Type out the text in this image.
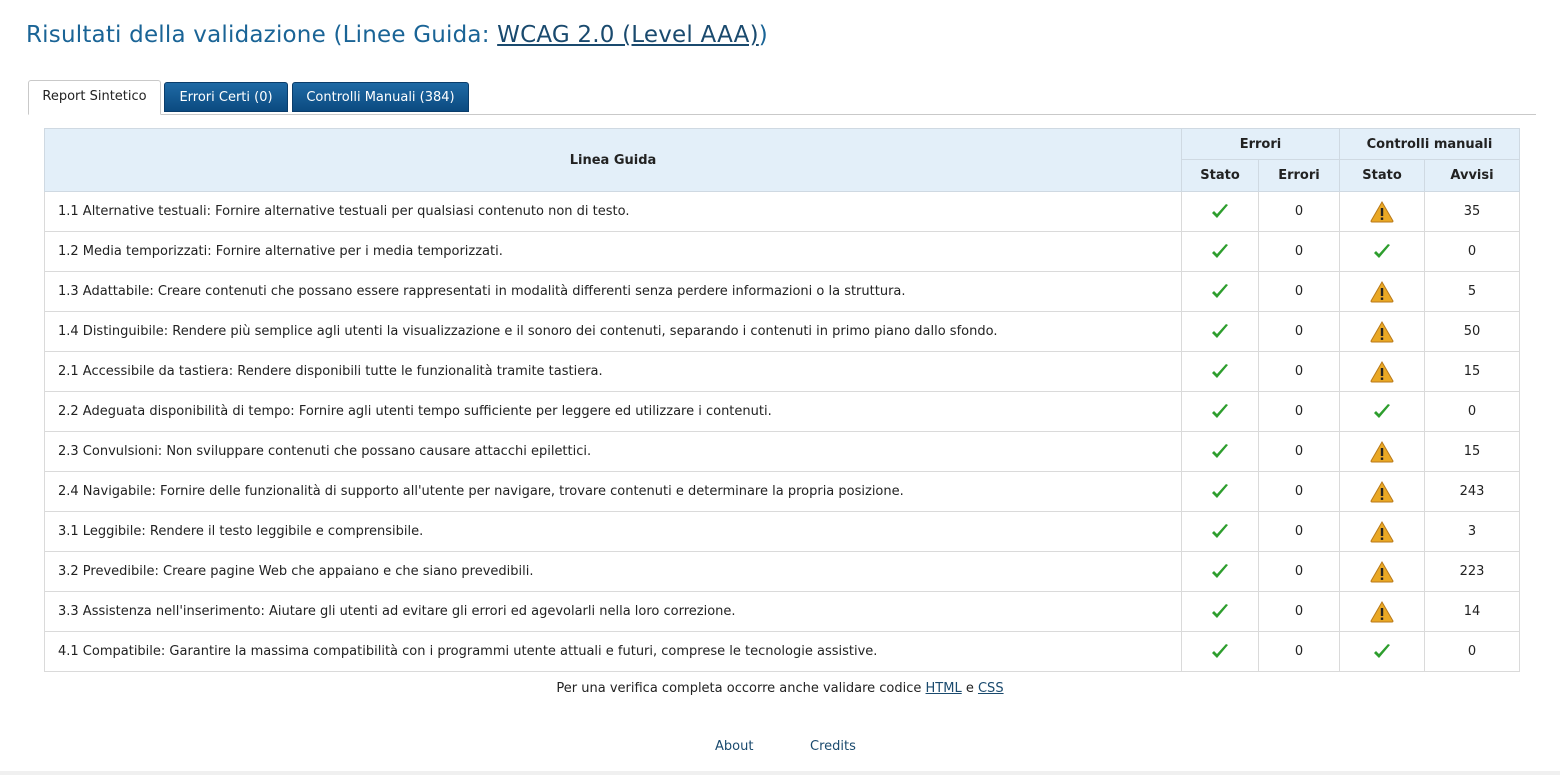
Risultati della validazione (Linee Guida: WCAG 2.0 (Level AAA))
Report Sintetico	Errori Certi (0)	Controlli Manuali (384)
Linea Guida	Errori		Controlli manuali	
	Stato	Errori	Stato	Avvisi
1.1 Alternative testuali: Fornire alternative testuali per qualsiasi contenuto non di testo.		0		35
1.2 Media temporizzati: Fornire alternative per i media temporizzati.		0		0
1.3 Adattabile: Creare contenuti che possano essere rappresentati in modalità differenti senza perdere informazioni o la struttura.		0		5
1.4 Distinguibile: Rendere più semplice agli utenti la visualizzazione e il sonoro dei contenuti, separando i contenuti in primo piano dallo sfondo.		0		50
2.1 Accessibile da tastiera: Rendere disponibili tutte le funzionalità tramite tastiera.		0		15
2.2 Adeguata disponibilità di tempo: Fornire agli utenti tempo sufficiente per leggere ed utilizzare i contenuti.		0		0
2.3 Convulsioni: Non sviluppare contenuti che possano causare attacchi epilettici.		0		15
2.4 Navigabile: Fornire delle funzionalità di supporto all'utente per navigare, trovare contenuti e determinare la propria posizione.		0		243
3.1 Leggibile: Rendere il testo leggibile e comprensibile.		0		3
3.2 Prevedibile: Creare pagine Web che appaiano e che siano prevedibili.		0		223
3.3 Assistenza nell'inserimento: Aiutare gli utenti ad evitare gli errori ed agevolarli nella loro correzione.		0		14
4.1 Compatibile: Garantire la massima compatibilità con i programmi utente attuali e futuri, comprese le tecnologie assistive.		0		0
Per una verifica completa occorre anche validare codice HTML e CSS
About	Credits
